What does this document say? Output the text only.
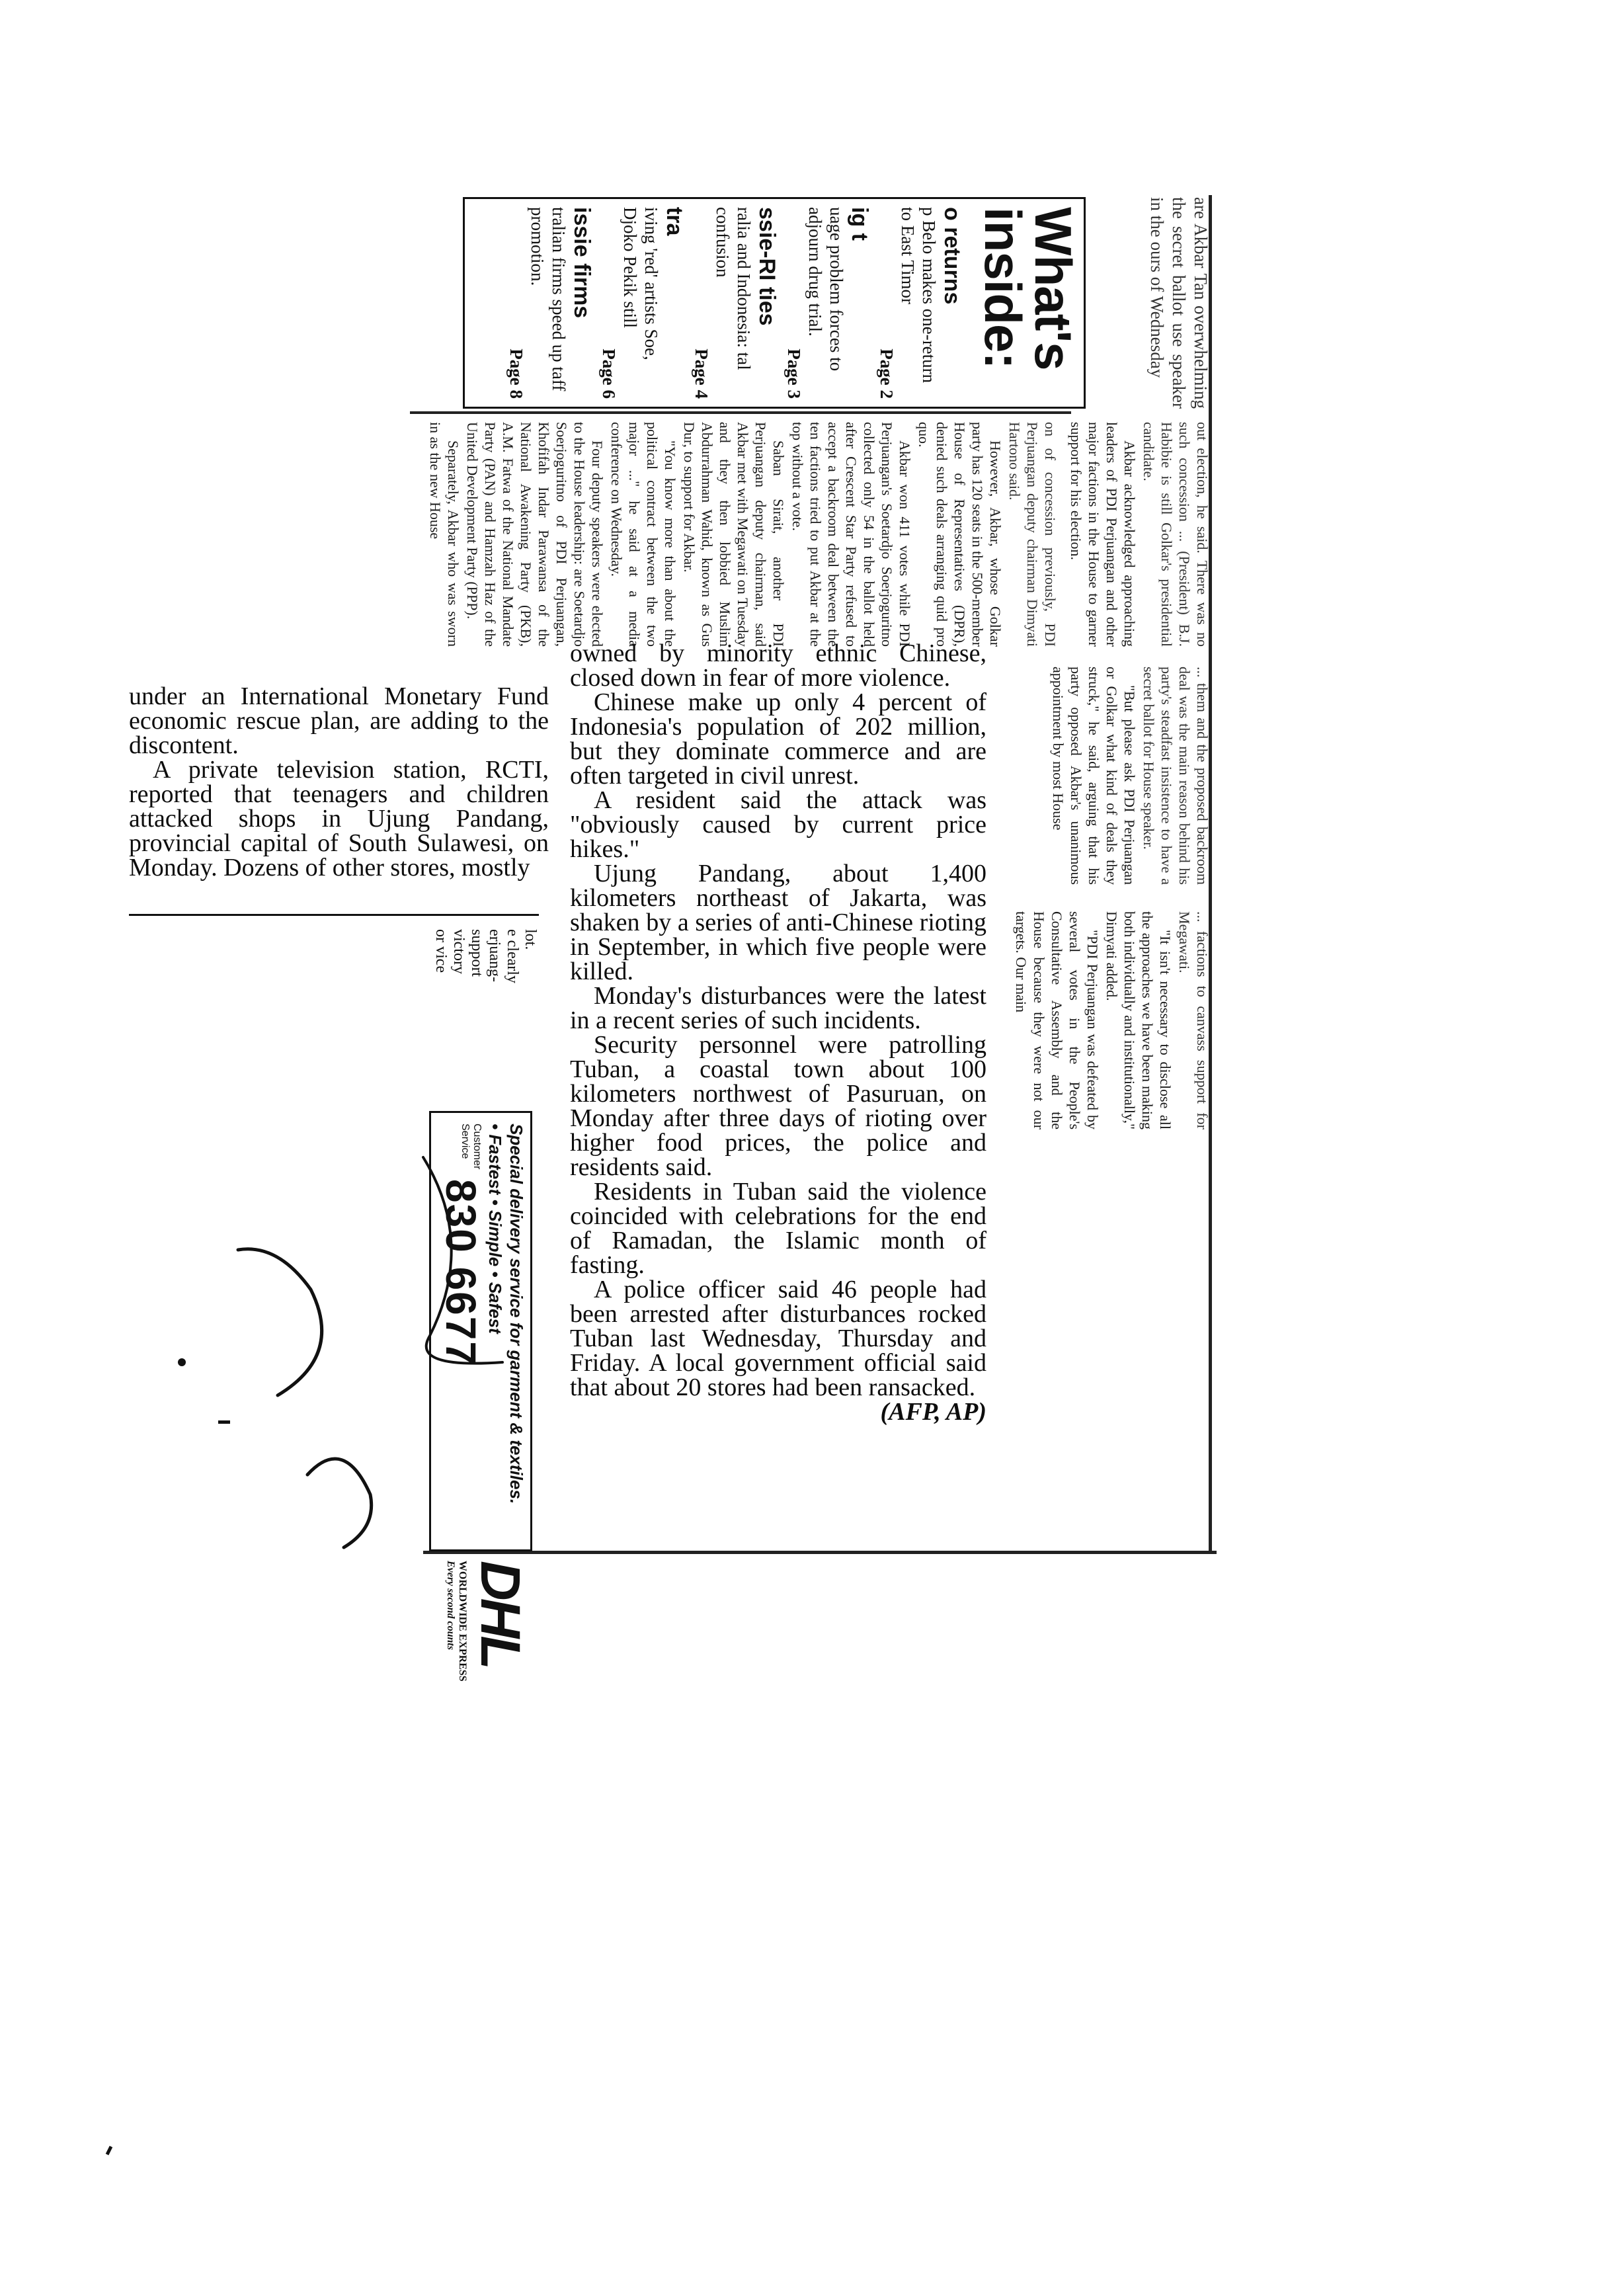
are Akbar Tan overwhelming the secret ballot use speaker in the ours of Wednesday

What's
inside:
o returns
p Belo makes one-return to East Timor
Page 2
ig t
uage problem forces to adjourn drug trial.
Page 3
ssie-RI ties
ralia and Indonesia: tal confusion
Page 4
tra
iving 'red' artists Soe, Djoko Pekik still
Page 6
issie firms
tralian firms speed up taff promotion.
Page 8

on of concession previously, PDI Perjuangan deputy chairman Dimyati Hartono said.

However, Akbar, whose Golkar party has 120 seats in the 500-member House of Representatives (DPR), denied such deals arranging quid pro quo.

Akbar won 411 votes while PDI Perjuangan's Soetardjo Soerjoguritno collected only 54 in the ballot held after Crescent Star Party refused to accept a backroom deal between the ten factions tried to put Akbar at the top without a vote.

Saban Sirait, another PDI Perjuangan deputy chairman, said Akbar met with Megawati on Tuesday and they then lobbied Muslim Abdurrahman Wahid, known as Gus Dur, to support for Akbar.

"You know more than about the political contract between the two major ..." he said at a media conference on Wednesday.

Four deputy speakers were elected to the House leadership: are Soetardjo Soerjoguritno of PDI Perjuangan, Khofifah Indar Parawansa of the National Awakening Party (PKB), A.M. Fatwa of the National Mandate Party (PAN) and Hamzah Haz of the United Development Party (PPP).

Separately, Akbar who was sworn in as the new House	out election, he said. There was no such concession ... (President) B.J. Habibie is still Golkar's presidential candidate.

Akbar acknowledged approaching leaders of PDI Perjuangan and other major factions in the House to garner support for his election.

... them and the proposed backroom deal was the main reason behind his party's steadfast insistence to have a secret ballot for House speaker.

"But please ask PDI Perjuangan or Golkar what kind of deals they struck," he said, arguing that his party opposed Akbar's unanimous appointment by most House

... factions to canvass support for Megawati.

"It isn't necessary to disclose all the approaches we have been making both individually and institutionally," Dimyati added.

"PDI Perjuangan was defeated by several votes in the People's Consultative Assembly and the House because they were not our targets. Our main

under an International Monetary Fund economic rescue plan, are adding to the discontent.

A private television station, RCTI, reported that teenagers and children attacked shops in Ujung Pandang, provincial capital of South Sulawesi, on Monday. Dozens of other stores, mostly

owned by minority ethnic Chinese, closed down in fear of more violence.

Chinese make up only 4 percent of Indonesia's population of 202 million, but they dominate commerce and are often targeted in civil unrest.

A resident said the attack was "obviously caused by current price hikes."

Ujung Pandang, about 1,400 kilometers northeast of Jakarta, was shaken by a series of anti-Chinese rioting in September, in which five people were killed.

Monday's disturbances were the latest in a recent series of such incidents.

Security personnel were patrolling Tuban, a coastal town about 100 kilometers northwest of Pasuruan, on Monday after three days of rioting over higher food prices, the police and residents said.

Residents in Tuban said the violence coincided with celebrations for the end of Ramadan, the Islamic month of fasting.

A police officer said 46 people had been arrested after disturbances rocked Tuban last Wednesday, Thursday and Friday. A local government official said that about 20 stores had been ransacked.

(AFP, AP)
lot.
e clearly
erjuang-
support
victory
or vice
Special delivery service for garment & textiles.
• Fastest • Simple • Safest
Customer Service
830 6677
DHL
WORLDWIDE EXPRESS
Every second counts
